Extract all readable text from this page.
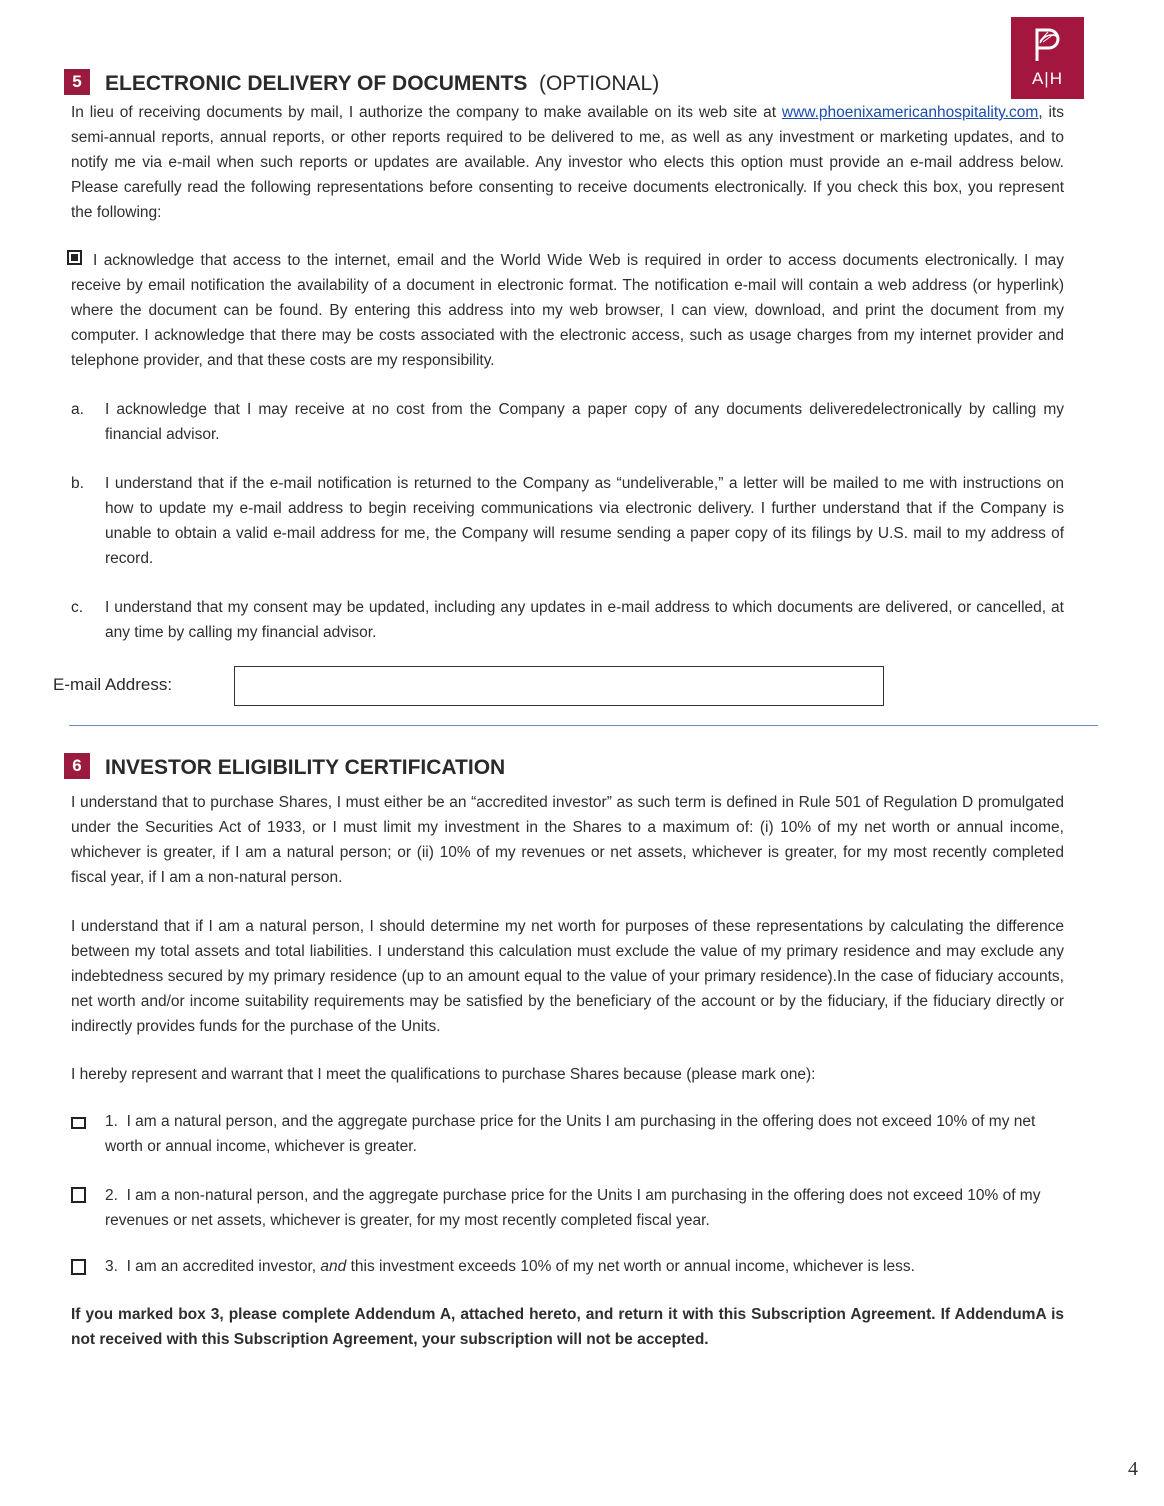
A|H
5	ELECTRONIC DELIVERY OF DOCUMENTS (OPTIONAL)
In lieu of receiving documents by mail, I authorize the company to make available on its web site at www.phoenixamericanhospitality.com, its semi-annual reports, annual reports, or other reports required to be delivered to me, as well as any investment or marketing updates, and to notify me via e-mail when such reports or updates are available. Any investor who elects this option must provide an e-mail address below. Please carefully read the following representations before consenting to receive documents electronically. If you check this box, you represent the following:
I acknowledge that access to the internet, email and the World Wide Web is required in order to access documents electronically. I may receive by email notification the availability of a document in electronic format. The notification e-mail will contain a web address (or hyperlink) where the document can be found. By entering this address into my web browser, I can view, download, and print the document from my computer. I acknowledge that there may be costs associated with the electronic access, such as usage charges from my internet provider and telephone provider, and that these costs are my responsibility.
a. I acknowledge that I may receive at no cost from the Company a paper copy of any documents deliveredelectronically by calling my financial advisor.
b. I understand that if the e-mail notification is returned to the Company as “undeliverable,” a letter will be mailed to me with instructions on how to update my e-mail address to begin receiving communications via electronic delivery. I further understand that if the Company is unable to obtain a valid e-mail address for me, the Company will resume sending a paper copy of its filings by U.S. mail to my address of record.
c. I understand that my consent may be updated, including any updates in e-mail address to which documents are delivered, or cancelled, at any time by calling my financial advisor.
E-mail Address:
6	INVESTOR ELIGIBILITY CERTIFICATION
I understand that to purchase Shares, I must either be an “accredited investor” as such term is defined in Rule 501 of Regulation D promulgated under the Securities Act of 1933, or I must limit my investment in the Shares to a maximum of: (i) 10% of my net worth or annual income, whichever is greater, if I am a natural person; or (ii) 10% of my revenues or net assets, whichever is greater, for my most recently completed fiscal year, if I am a non-natural person.
I understand that if I am a natural person, I should determine my net worth for purposes of these representations by calculating the difference between my total assets and total liabilities. I understand this calculation must exclude the value of my primary residence and may exclude any indebtedness secured by my primary residence (up to an amount equal to the value of your primary residence).In the case of fiduciary accounts, net worth and/or income suitability requirements may be satisfied by the beneficiary of the account or by the fiduciary, if the fiduciary directly or indirectly provides funds for the purchase of the Units.
I hereby represent and warrant that I meet the qualifications to purchase Shares because (please mark one):
1. I am a natural person, and the aggregate purchase price for the Units I am purchasing in the offering does not exceed 10% of my net worth or annual income, whichever is greater.
2. I am a non-natural person, and the aggregate purchase price for the Units I am purchasing in the offering does not exceed 10% of my revenues or net assets, whichever is greater, for my most recently completed fiscal year.
3. I am an accredited investor, and this investment exceeds 10% of my net worth or annual income, whichever is less.
If you marked box 3, please complete Addendum A, attached hereto, and return it with this Subscription Agreement. If AddendumA is not received with this Subscription Agreement, your subscription will not be accepted.
4
